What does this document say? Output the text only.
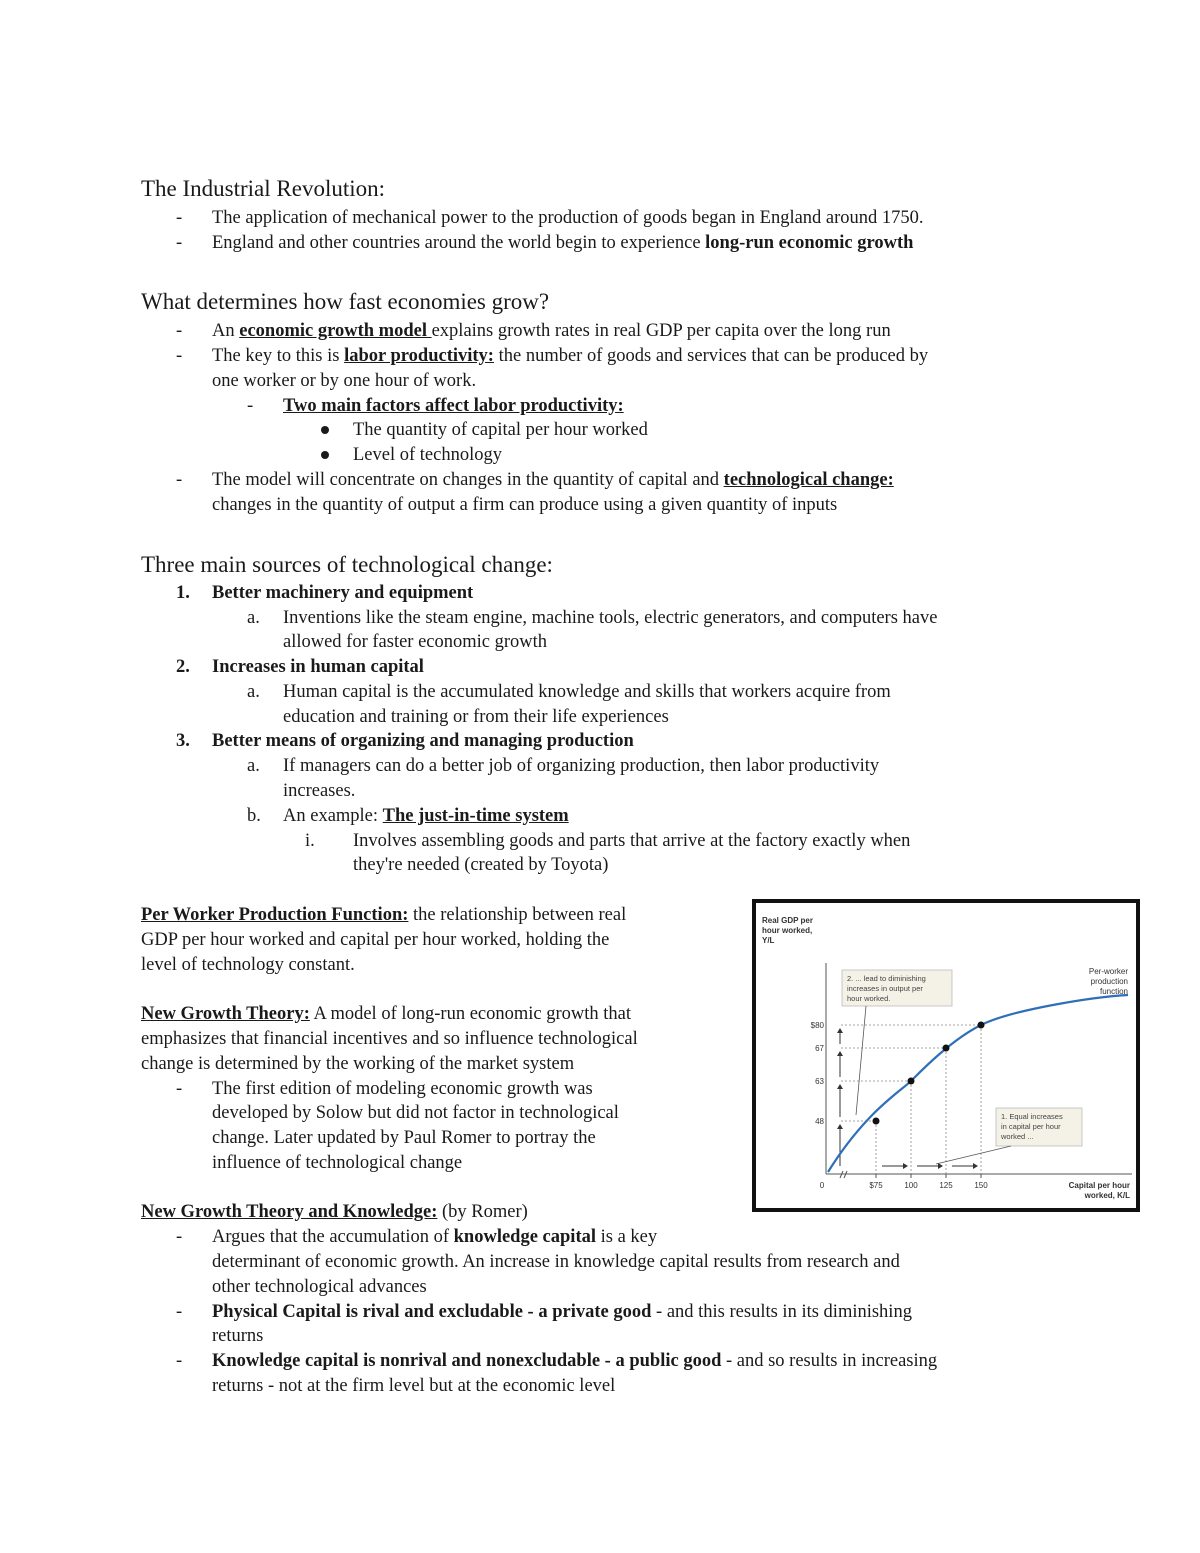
The Industrial Revolution:
- The application of mechanical power to the production of goods began in England around 1750.
- England and other countries around the world begin to experience long-run economic growth
What determines how fast economies grow?
- An economic growth model explains growth rates in real GDP per capita over the long run
- The key to this is labor productivity: the number of goods and services that can be produced by
one worker or by one hour of work.
- Two main factors affect labor productivity:
The quantity of capital per hour worked
Level of technology
- The model will concentrate on changes in the quantity of capital and technological change:
changes in the quantity of output a firm can produce using a given quantity of inputs
Three main sources of technological change:
1. Better machinery and equipment
a. Inventions like the steam engine, machine tools, electric generators, and computers have
allowed for faster economic growth
2. Increases in human capital
a. Human capital is the accumulated knowledge and skills that workers acquire from
education and training or from their life experiences
3. Better means of organizing and managing production
a. If managers can do a better job of organizing production, then labor productivity
increases.
b. An example: The just-in-time system
i. Involves assembling goods and parts that arrive at the factory exactly when
they're needed (created by Toyota)
Per Worker Production Function: the relationship between real
GDP per hour worked and capital per hour worked, holding the
level of technology constant.
New Growth Theory: A model of long-run economic growth that
emphasizes that financial incentives and so influence technological
change is determined by the working of the market system
- The first edition of modeling economic growth was
developed by Solow but did not factor in technological
change. Later updated by Paul Romer to portray the
influence of technological change
New Growth Theory and Knowledge: (by Romer)
- Argues that the accumulation of knowledge capital is a key
determinant of economic growth. An increase in knowledge capital results from research and
other technological advances
- Physical Capital is rival and excludable - a private good - and this results in its diminishing
returns
- Knowledge capital is nonrival and nonexcludable - a public good - and so results in increasing
returns - not at the firm level but at the economic level
Real GDP per
hour worked,
Y/L
Capital per hour
worked, K/L
0	$75	100	125	150
48
63
67
$80
Per-worker
production
function
2. ... lead to diminishing
increases in output per
hour worked.
1. Equal increases
in capital per hour
worked ...
